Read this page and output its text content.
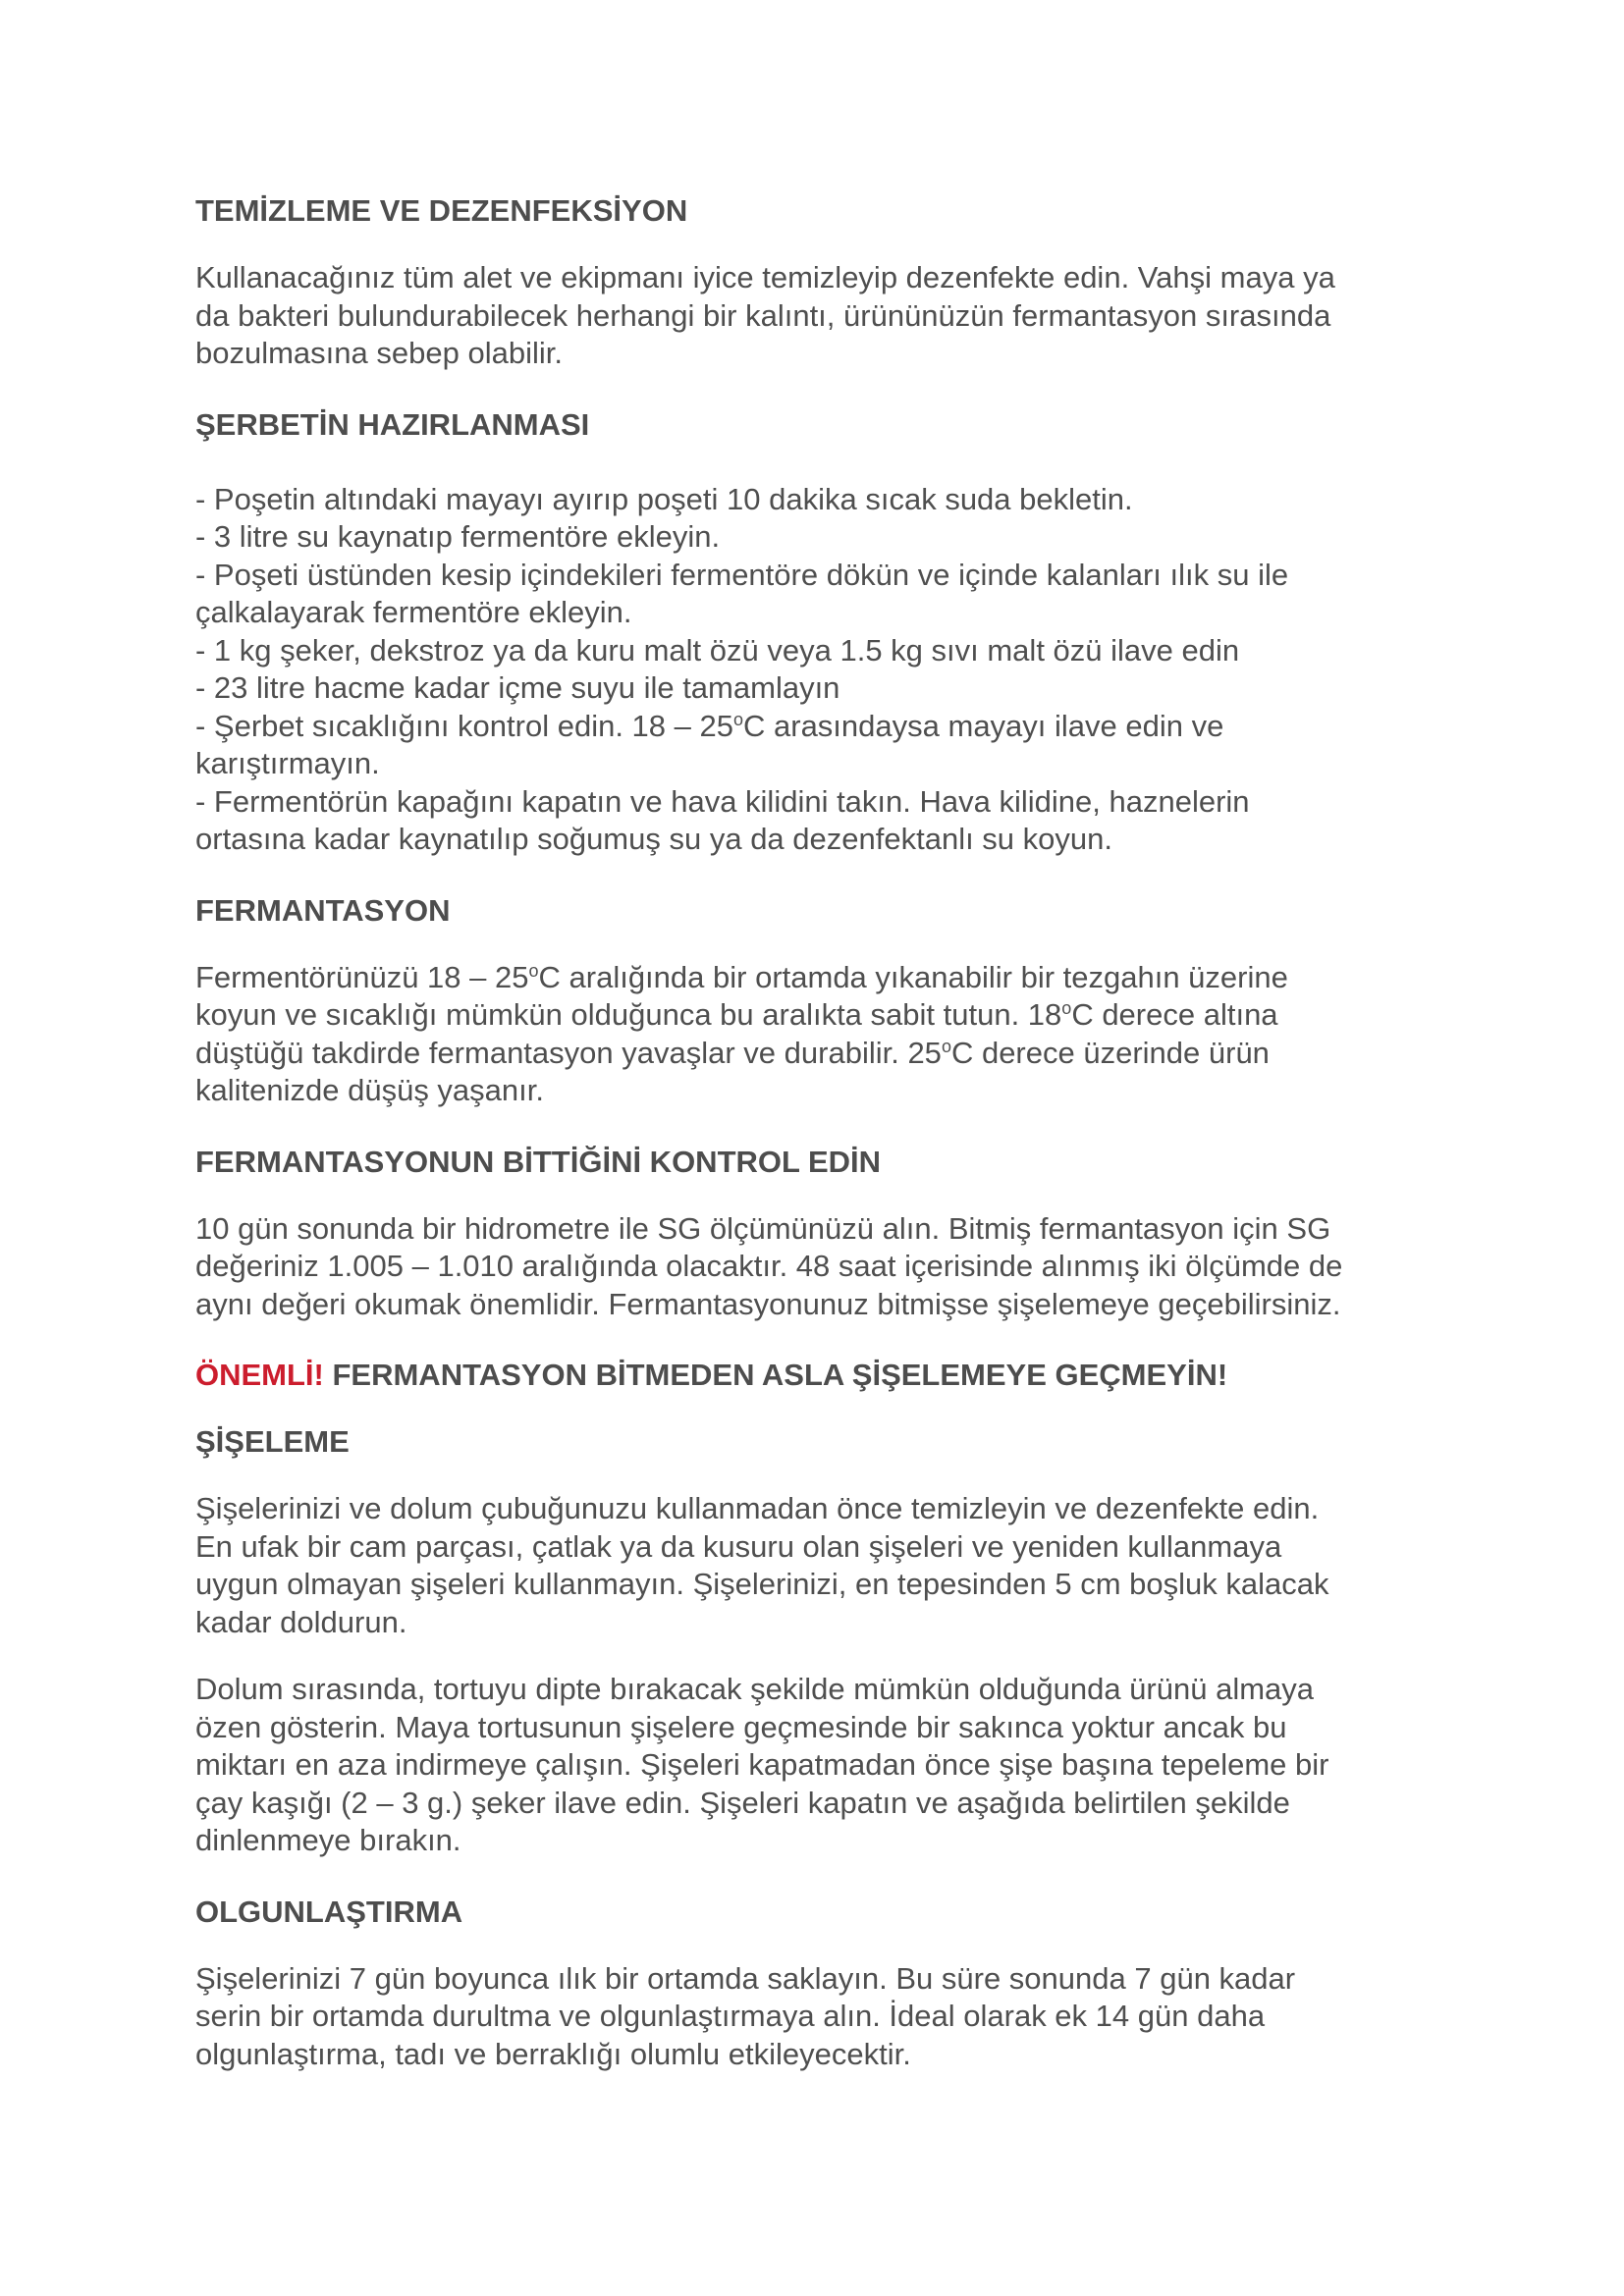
TEMİZLEME VE DEZENFEKSİYON

Kullanacağınız tüm alet ve ekipmanı iyice temizleyip dezenfekte edin. Vahşi maya ya
da bakteri bulundurabilecek herhangi bir kalıntı, ürününüzün fermantasyon sırasında
bozulmasına sebep olabilir.

ŞERBETİN HAZIRLANMASI

- Poşetin altındaki mayayı ayırıp poşeti 10 dakika sıcak suda bekletin.
- 3 litre su kaynatıp fermentöre ekleyin.
- Poşeti üstünden kesip içindekileri fermentöre dökün ve içinde kalanları ılık su ile
çalkalayarak fermentöre ekleyin.
- 1 kg şeker, dekstroz ya da kuru malt özü veya 1.5 kg sıvı malt özü ilave edin
- 23 litre hacme kadar içme suyu ile tamamlayın
- Şerbet sıcaklığını kontrol edin. 18 – 25$^o$C arasındaysa mayayı ilave edin ve
karıştırmayın.
- Fermentörün kapağını kapatın ve hava kilidini takın. Hava kilidine, haznelerin
ortasına kadar kaynatılıp soğumuş su ya da dezenfektanlı su koyun.

FERMANTASYON

Fermentörünüzü 18 – 25$^o$C aralığında bir ortamda yıkanabilir bir tezgahın üzerine
koyun ve sıcaklığı mümkün olduğunca bu aralıkta sabit tutun. 18$^o$C derece altına
düştüğü takdirde fermantasyon yavaşlar ve durabilir. 25$^o$C derece üzerinde ürün
kalitenizde düşüş yaşanır.

FERMANTASYONUN BİTTİĞİNİ KONTROL EDİN

10 gün sonunda bir hidrometre ile SG ölçümünüzü alın. Bitmiş fermantasyon için SG
değeriniz 1.005 – 1.010 aralığında olacaktır. 48 saat içerisinde alınmış iki ölçümde de
aynı değeri okumak önemlidir. Fermantasyonunuz bitmişse şişelemeye geçebilirsiniz.

ÖNEMLİ! FERMANTASYON BİTMEDEN ASLA ŞİŞELEMEYE GEÇMEYİN!
ŞİŞELEME

Şişelerinizi ve dolum çubuğunuzu kullanmadan önce temizleyin ve dezenfekte edin.
En ufak bir cam parçası, çatlak ya da kusuru olan şişeleri ve yeniden kullanmaya
uygun olmayan şişeleri kullanmayın. Şişelerinizi, en tepesinden 5 cm boşluk kalacak
kadar doldurun.

Dolum sırasında, tortuyu dipte bırakacak şekilde mümkün olduğunda ürünü almaya
özen gösterin. Maya tortusunun şişelere geçmesinde bir sakınca yoktur ancak bu
miktarı en aza indirmeye çalışın. Şişeleri kapatmadan önce şişe başına tepeleme bir
çay kaşığı (2 – 3 g.) şeker ilave edin. Şişeleri kapatın ve aşağıda belirtilen şekilde
dinlenmeye bırakın.

OLGUNLAŞTIRMA

Şişelerinizi 7 gün boyunca ılık bir ortamda saklayın. Bu süre sonunda 7 gün kadar
serin bir ortamda durultma ve olgunlaştırmaya alın. İdeal olarak ek 14 gün daha
olgunlaştırma, tadı ve berraklığı olumlu etkileyecektir.
